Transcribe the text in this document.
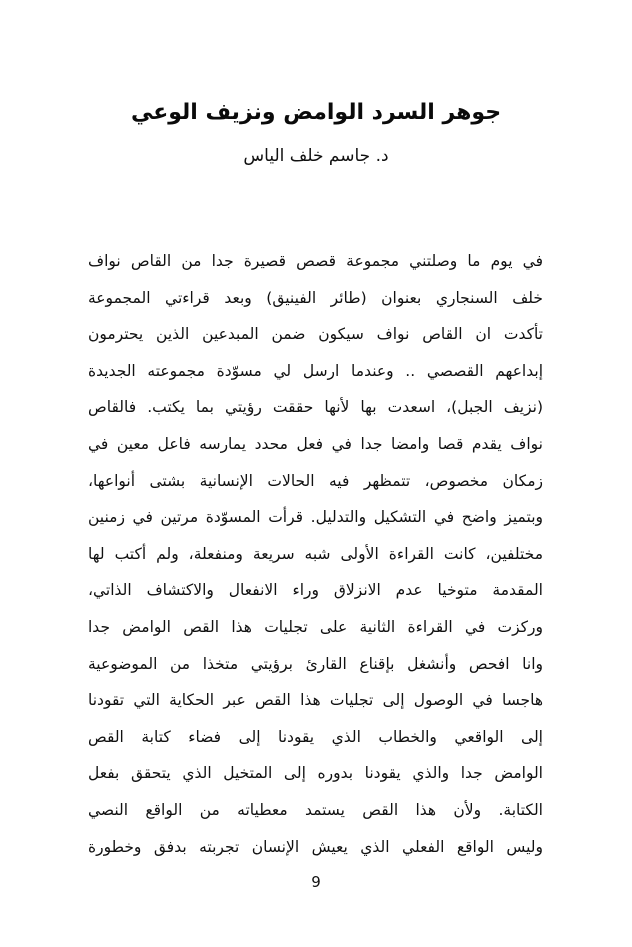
جوهر السرد الوامض ونزيف الوعي
د. جاسم خلف الياس
في يوم ما وصلتني مجموعة قصص قصيرة جدا من القاص نواف
خلف السنجاري بعنوان (طائر الفينيق) وبعد قراءتي المجموعة
تأكدت ان القاص نواف سيكون ضمن المبدعين الذين يحترمون
إبداعهم القصصي .. وعندما ارسل لي مسوّدة مجموعته الجديدة
(نزيف الجبل)، اسعدت بها لأنها حققت رؤيتي بما يكتب. فالقاص
نواف يقدم قصا وامضا جدا في فعل محدد يمارسه فاعل معين في
زمكان مخصوص، تتمظهر فيه الحالات الإنسانية بشتى أنواعها،
وبتميز واضح في التشكيل والتدليل. قرأت المسوّدة مرتين في زمنين
مختلفين، كانت القراءة الأولى شبه سريعة ومنفعلة، ولم أكتب لها
المقدمة متوخيا عدم الانزلاق وراء الانفعال والاكتشاف الذاتي،
وركزت في القراءة الثانية على تجليات هذا القص الوامض جدا
وانا افحص وأنشغل بإقناع القارئ برؤيتي متخذا من الموضوعية
هاجسا في الوصول إلى تجليات هذا القص عبر الحكاية التي تقودنا
إلى الواقعي والخطاب الذي يقودنا إلى فضاء كتابة القص
الوامض جدا والذي يقودنا بدوره إلى المتخيل الذي يتحقق بفعل
الكتابة. ولأن هذا القص يستمد معطياته من الواقع النصي
وليس الواقع الفعلي الذي يعيش الإنسان تجربته بدفق وخطورة
9
